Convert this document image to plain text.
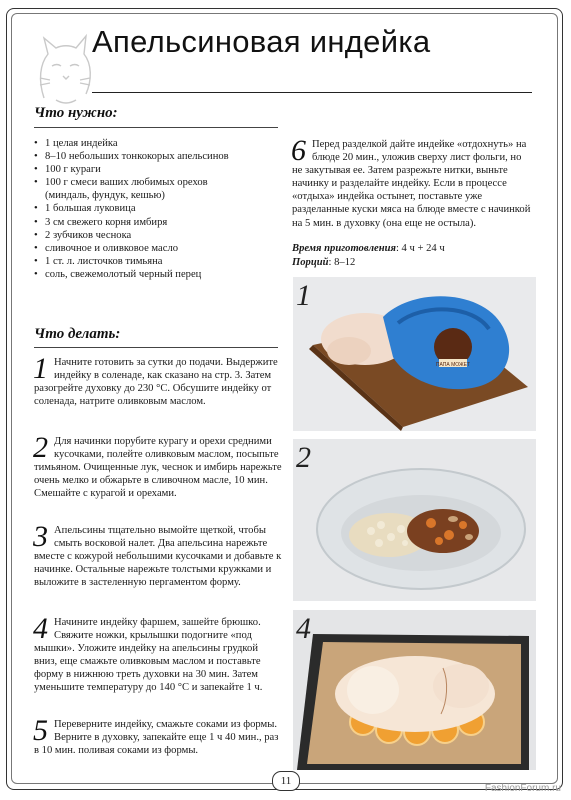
Апельсиновая индейка
Что нужно:
• 1 целая индейка
• 8–10 небольших тонкокорых апельсинов
• 100 г кураги
• 100 г смеси ваших любимых орехов
(миндаль, фундук, кешью)
• 1 большая луковица
• 3 см свежего корня имбиря
• 2 зубчиков чеснока
• сливочное и оливковое масло
• 1 ст. л. листочков тимьяна
• соль, свежемолотый черный перец
Что делать:
1 Начните готовить за сутки до подачи. Выдержите индейку в соленаде, как сказано на стр. 3. Затем разогрейте духовку до 230 °С. Обсушите индейку от соленада, натрите оливковым маслом.
2 Для начинки порубите курагу и орехи средними кусочками, полейте оливковым маслом, посыпьте тимьяном. Очищенные лук, чеснок и имбирь нарежьте очень мелко и обжарьте в сливочном масле, 10 мин. Смешайте с курагой и орехами.
3 Апельсины тщательно вымойте щеткой, чтобы смыть восковой налет. Два апельсина нарежьте вместе с кожурой небольшими кусочками и добавьте к начинке. Остальные нарежьте толстыми кружками и выложите в застеленную пергаментом форму.
4 Начините индейку фаршем, зашейте брюшко. Свяжите ножки, крылышки подогните «под мышки». Уложите индейку на апельсины грудкой вниз, еще смажьте оливковым маслом и поставьте форму в нижнюю треть духовки на 30 мин. Затем уменьшите температуру до 140 °С и запекайте 1 ч.
5 Переверните индейку, смажьте соками из формы. Верните в духовку, запекайте еще 1 ч 40 мин., раз в 10 мин. поливая соками из формы.
6 Перед разделкой дайте индейке «отдохнуть» на блюде 20 мин., уложив сверху лист фольги, но не закутывая ее. Затем разрежьте нитки, выньте начинку и разделайте индейку. Если в процессе «отдыха» индейка остынет, поставьте уже разделанные куски мяса на блюде вместе с начинкой на 5 мин. в духовку (она еще не остыла).
Время приготовления: 4 ч + 24 ч
Порций: 8–12
ПАПА МОЖЕТ
1
2
4
11
FashionForum.ru
